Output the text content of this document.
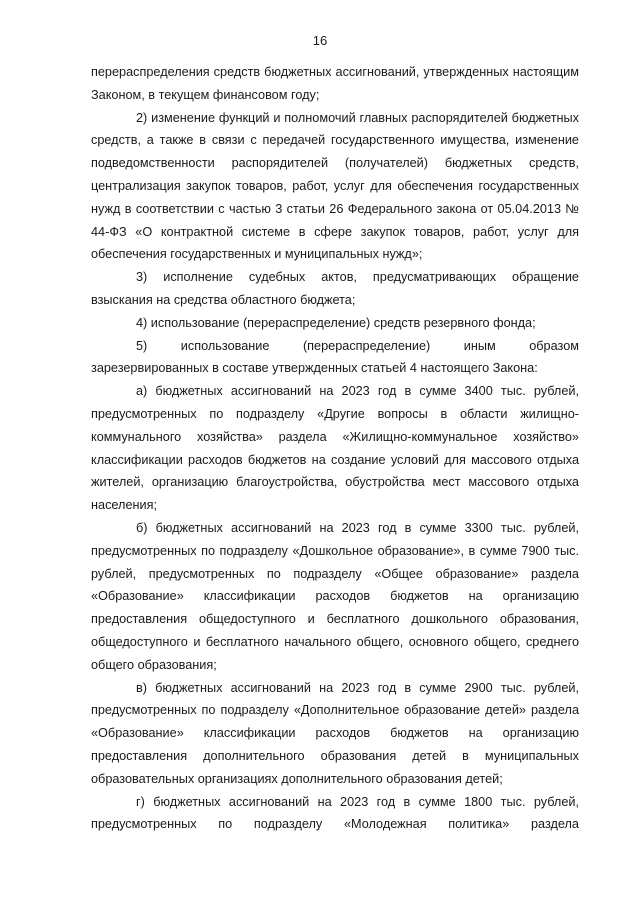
16

перераспределения средств бюджетных ассигнований, утвержденных настоящим Законом, в текущем финансовом году;

2) изменение функций и полномочий главных распорядителей бюджетных средств, а также в связи с передачей государственного имущества, изменение подведомственности распорядителей (получателей) бюджетных средств, централизация закупок товаров, работ, услуг для обеспечения государственных нужд в соответствии с частью 3 статьи 26 Федерального закона от 05.04.2013 № 44-ФЗ «О контрактной системе в сфере закупок товаров, работ, услуг для обеспечения государственных и муниципальных нужд»;

3) исполнение судебных актов, предусматривающих обращение взыскания на средства областного бюджета;

4) использование (перераспределение) средств резервного фонда;

5) использование (перераспределение) иным образом зарезервированных в составе утвержденных статьей 4 настоящего Закона:

а) бюджетных ассигнований на 2023 год в сумме 3400 тыс. рублей, предусмотренных по подразделу «Другие вопросы в области жилищно-коммунального хозяйства» раздела «Жилищно-коммунальное хозяйство» классификации расходов бюджетов на создание условий для массового отдыха жителей, организацию благоустройства, обустройства мест массового отдыха населения;

б) бюджетных ассигнований на 2023 год в сумме 3300 тыс. рублей, предусмотренных по подразделу «Дошкольное образование», в сумме 7900 тыс. рублей, предусмотренных по подразделу «Общее образование» раздела «Образование» классификации расходов бюджетов на организацию предоставления общедоступного и бесплатного дошкольного образования, общедоступного и бесплатного начального общего, основного общего, среднего общего образования;

в) бюджетных ассигнований на 2023 год в сумме 2900 тыс. рублей, предусмотренных по подразделу «Дополнительное образование детей» раздела «Образование» классификации расходов бюджетов на организацию предоставления дополнительного образования детей в муниципальных образовательных организациях дополнительного образования детей;

г) бюджетных ассигнований на 2023 год в сумме 1800 тыс. рублей, предусмотренных по подразделу «Молодежная политика» раздела
